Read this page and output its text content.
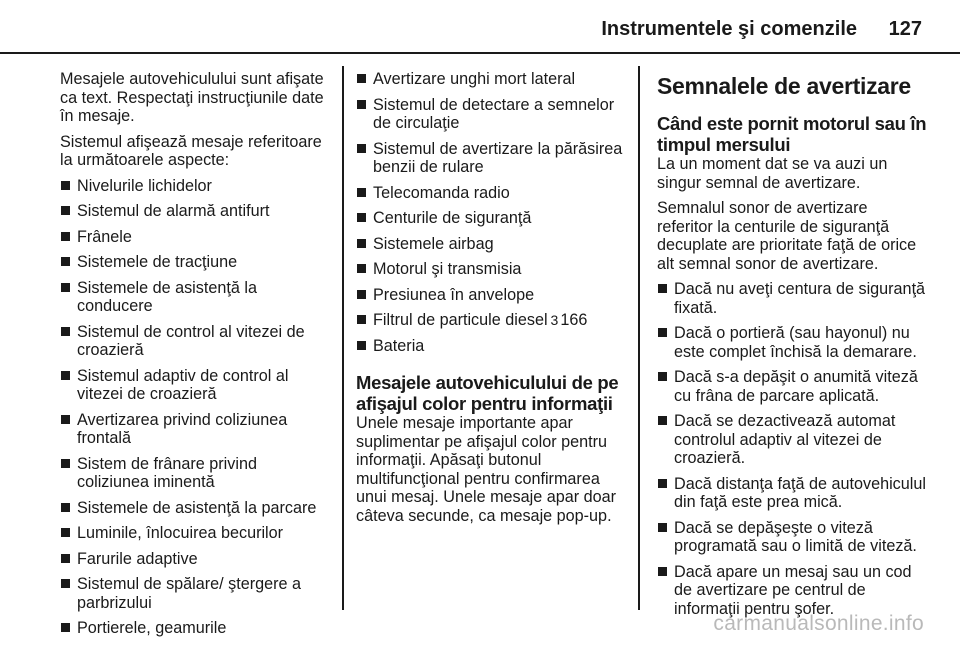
Instrumentele şi comenzile 127

Mesajele autovehiculului sunt afişate ca text. Respectaţi instrucţiunile date în mesaje.

Sistemul afişează mesaje referitoare la următoarele aspecte:

Nivelurile lichidelor
Sistemul de alarmă antifurt
Frânele
Sistemele de tracţiune
Sistemele de asistenţă la conducere
Sistemul de control al vitezei de croazieră
Sistemul adaptiv de control al vitezei de croazieră
Avertizarea privind coliziunea frontală
Sistem de frânare privind coliziunea iminentă
Sistemele de asistenţă la parcare
Luminile, înlocuirea becurilor
Farurile adaptive
Sistemul de spălare/ ştergere a parbrizului
Portierele, geamurile
Avertizare unghi mort lateral
Sistemul de detectare a semnelor de circulaţie
Sistemul de avertizare la părăsirea benzii de rulare
Telecomanda radio
Centurile de siguranţă
Sistemele airbag
Motorul şi transmisia
Presiunea în anvelope
Filtrul de particule diesel 3 166
Bateria
Mesajele autovehiculului de pe afişajul color pentru informaţii

Unele mesaje importante apar suplimentar pe afişajul color pentru informaţii. Apăsaţi butonul multifuncţional pentru confirmarea unui mesaj. Unele mesaje apar doar câteva secunde, ca mesaje pop-up.

Semnalele de avertizare
Când este pornit motorul sau în timpul mersului

La un moment dat se va auzi un singur semnal de avertizare.

Semnalul sonor de avertizare referitor la centurile de siguranţă decuplate are prioritate faţă de orice alt semnal sonor de avertizare.

Dacă nu aveţi centura de siguranţă fixată.
Dacă o portieră (sau hayonul) nu este complet închisă la demarare.
Dacă s-a depăşit o anumită viteză cu frâna de parcare aplicată.
Dacă se dezactivează automat controlul adaptiv al vitezei de croazieră.
Dacă distanţa faţă de autovehiculul din faţă este prea mică.
Dacă se depăşeşte o viteză programată sau o limită de viteză.
Dacă apare un mesaj sau un cod de avertizare pe centrul de informaţii pentru şofer.
carmanualsonline.info
